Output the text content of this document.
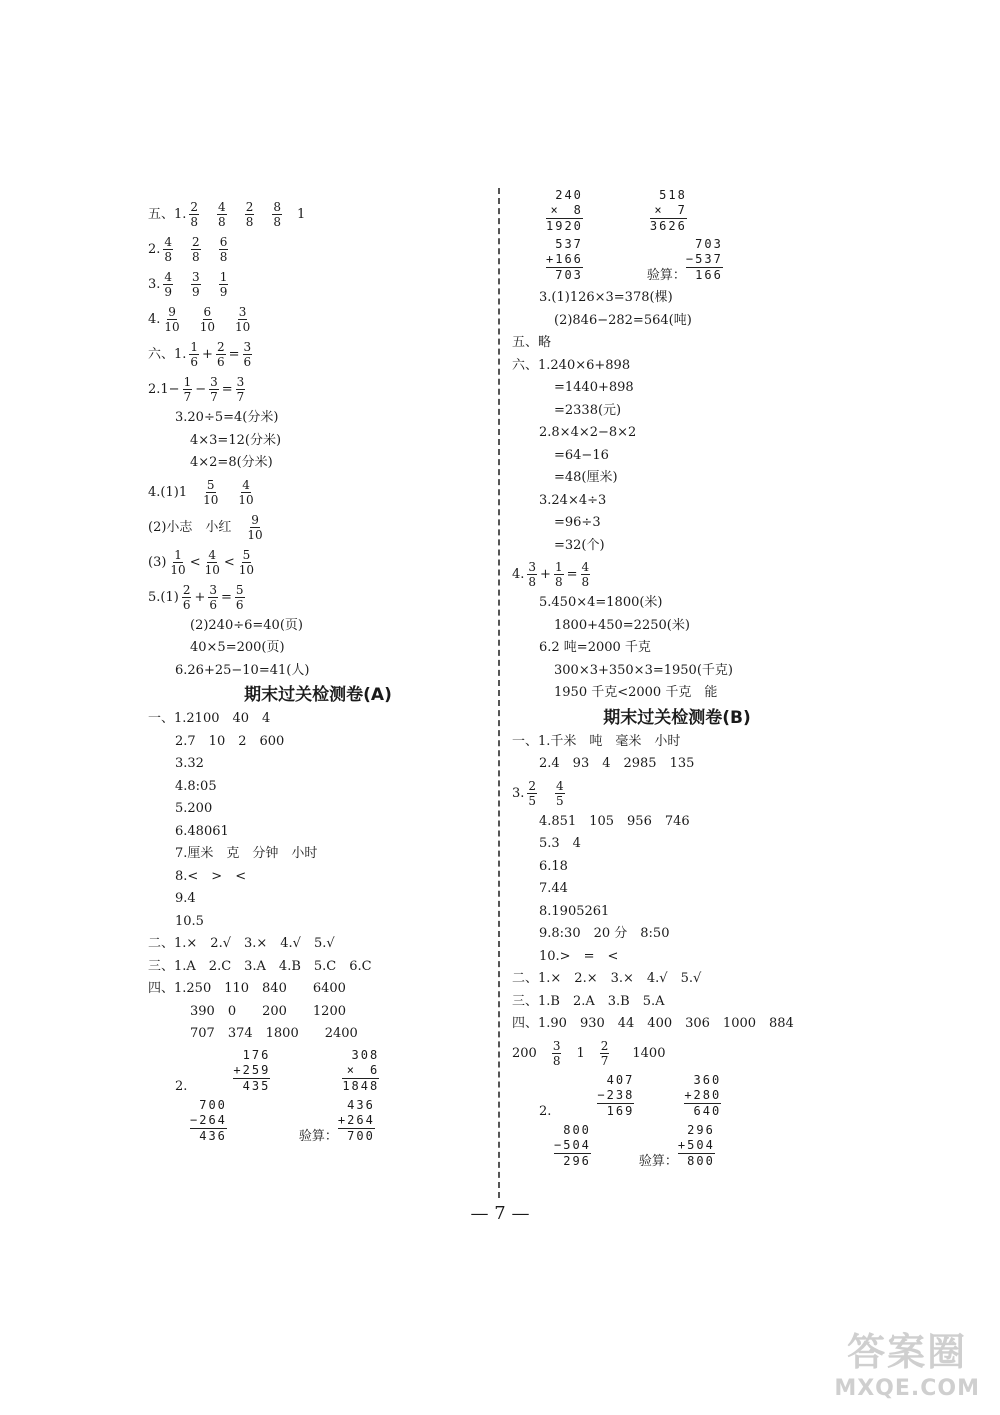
五、1. $\frac{2}{8} \frac{4}{8} \frac{2}{8} \frac{8}{8} 1$
2. $\frac{4}{8} \frac{2}{8} \frac{6}{8}$
3. $\frac{4}{9} \frac{3}{9} \frac{1}{9}$
4. $\frac{9}{10} \frac{6}{10} \frac{3}{10}$
六、1. $\frac{1}{6} + \frac{2}{6} = \frac{3}{6}$
$2.1- \frac{1}{7} - \frac{3}{7} = \frac{3}{7}$
3.20÷5=4(分米)
4×3=12(分米)
4×2=8(分米)
$4.(1)1 \frac{5}{10} \frac{4}{10}$
(2)小志　小红 $\frac{9}{10}$
$(3) \frac{1}{10} < \frac{4}{10} < \frac{5}{10}$
$5.(1) \frac{2}{6} + \frac{3}{6} = \frac{5}{6}$
(2)240÷6=40(页)
40×5=200(页)
6.26+25−10=41(人)
期末过关检测卷(A)
一、1.2100　40　4
2.7　10　2　600
3.32
4.8:05
5.200
6.48061
7.厘米　克　分钟　小时
8.<　>　<
9.4
10.5
二、1.×　2.√　3.×　4.√　5.√
三、1.A　2.C　3.A　4.B　5.C　6.C
四、1.250　110　840　　6400
390　0　　200　　1200
707　374　1800　　2400
2.
176
+259
435
308
×　6
1848
700
−264
436	验算：
436
+264
700
240
×　8
1920
518
×　7
3626
537
+166
703	验算：
703
−537
166
3.(1)126×3=378(棵)
(2)846−282=564(吨)
五、略
六、1.240×6+898
=1440+898
=2338(元)
2.8×4×2−8×2
=64−16
=48(厘米)
3.24×4÷3
=96÷3
=32(个)
4. $\frac{3}{8} + \frac{1}{8} = \frac{4}{8}$
5.450×4=1800(米)
1800+450=2250(米)
6.2 吨=2000 千克
300×3+350×3=1950(千克)
1950 千克<2000 千克　能
期末过关检测卷(B)
一、1.千米　吨　毫米　小时
2.4　93　4　2985　135
3. $\frac{2}{5} \frac{4}{5}$
4.851　105　956　746
5.3　4
6.18
7.44
8.1905261
9.8:30　20 分　8:50
10.>　=　<
二、1.×　2.×　3.×　4.√　5.√
三、1.B　2.A　3.B　5.A
四、1.90　930　44　400　306　1000　884
$200 \frac{3}{8} 1 \frac{2}{7} 1400$
2.
407
−238
169
360
+280
640
800
−504
296	验算：
296
+504
800
— 7 —
答案圈
MXQE.COM
